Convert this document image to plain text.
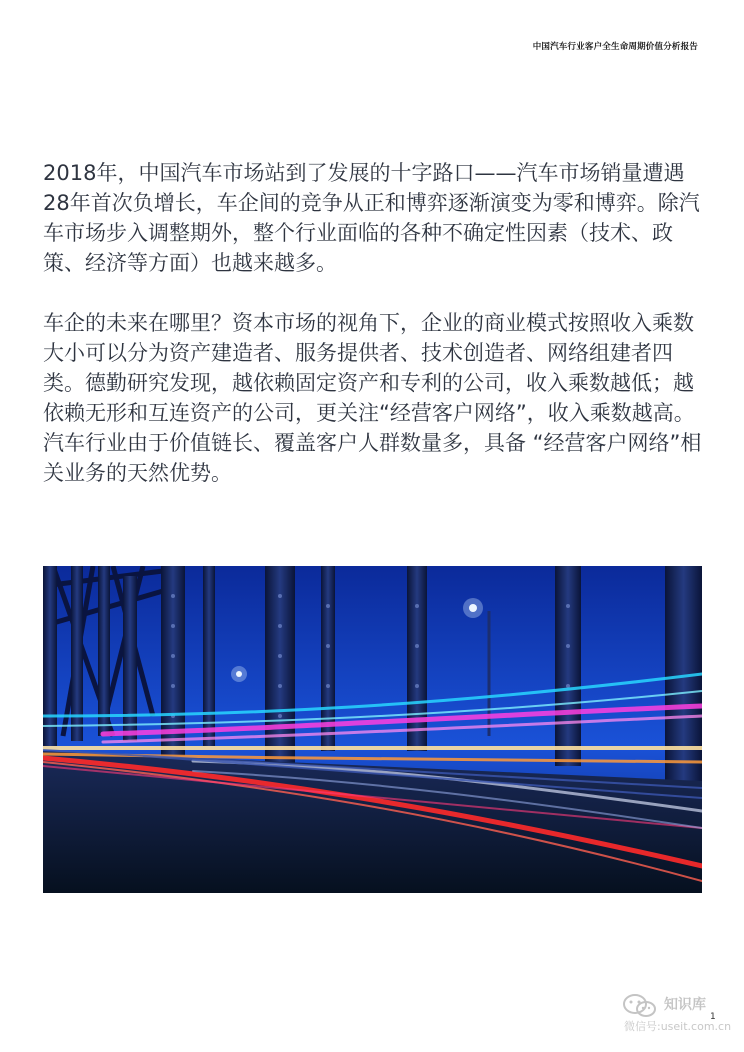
中国汽车行业客户全生命周期价值分析报告

2018年，中国汽车市场站到了发展的十字路口——汽车市场销量遭遇28年首次负增长，车企间的竞争从正和博弈逐渐演变为零和博弈。除汽车市场步入调整期外，整个行业面临的各种不确定性因素（技术、政策、经济等方面）也越来越多。

车企的未来在哪里？资本市场的视角下，企业的商业模式按照收入乘数大小可以分为资产建造者、服务提供者、技术创造者、网络组建者四类。德勤研究发现，越依赖固定资产和专利的公司，收入乘数越低；越依赖无形和互连资产的公司，更关注“经营客户网络”，收入乘数越高。汽车行业由于价值链长、覆盖客户人群数量多，具备 “经营客户网络”相关业务的天然优势。

1
知识库
微信号:useit.com.cn
